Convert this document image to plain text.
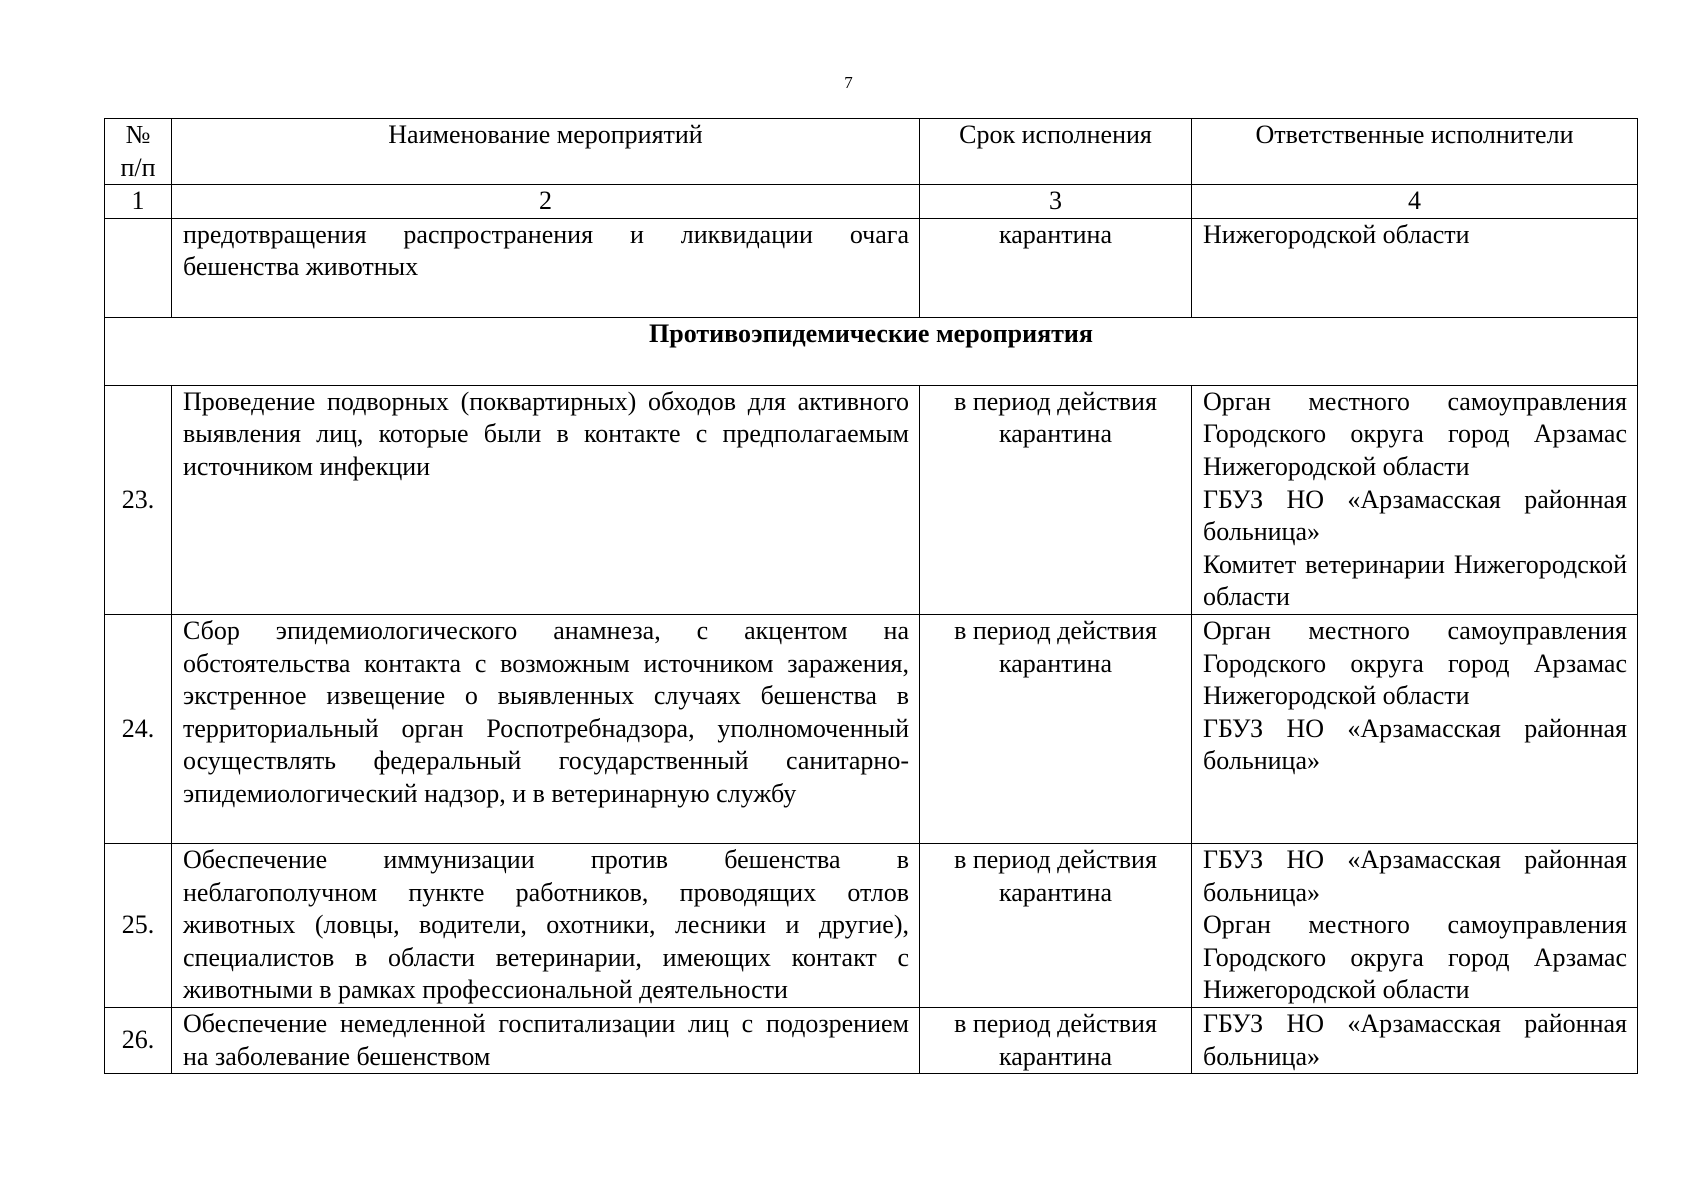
7
№ п/п	Наименование мероприятий	Срок исполнения	Ответственные исполнители
1	2	3	4
	предотвращения распространения и ликвидации очага бешенства животных	карантина	Нижегородской области
Противоэпидемические мероприятия			
23.	Проведение подворных (поквартирных) обходов для активного выявления лиц, которые были в контакте с предполагаемым источником инфекции	в период действия карантина	Орган местного самоуправления Городского округа город Арзамас Нижегородской области
ГБУЗ НО «Арзамасская районная больница»
Комитет ветеринарии Нижегородской области

24.	Сбор эпидемиологического анамнеза, с акцентом на обстоятельства контакта с возможным источником заражения, экстренное извещение о выявленных случаях бешенства в территориальный орган Роспотребнадзора, уполномоченный осуществлять федеральный государственный санитарно-эпидемиологический надзор, и в ветеринарную службу	в период действия карантина	Орган местного самоуправления Городского округа город Арзамас Нижегородской области
ГБУЗ НО «Арзамасская районная больница»

25.	Обеспечение иммунизации против бешенства в неблагополучном пункте работников, проводящих отлов животных (ловцы, водители, охотники, лесники и другие), специалистов в области ветеринарии, имеющих контакт с животными в рамках профессиональной деятельности	в период действия карантина	ГБУЗ НО «Арзамасская районная больница»
Орган местного самоуправления Городского округа город Арзамас Нижегородской области

26.	Обеспечение немедленной госпитализации лиц с подозрением на заболевание бешенством	в период действия карантина	ГБУЗ НО «Арзамасская районная больница»
